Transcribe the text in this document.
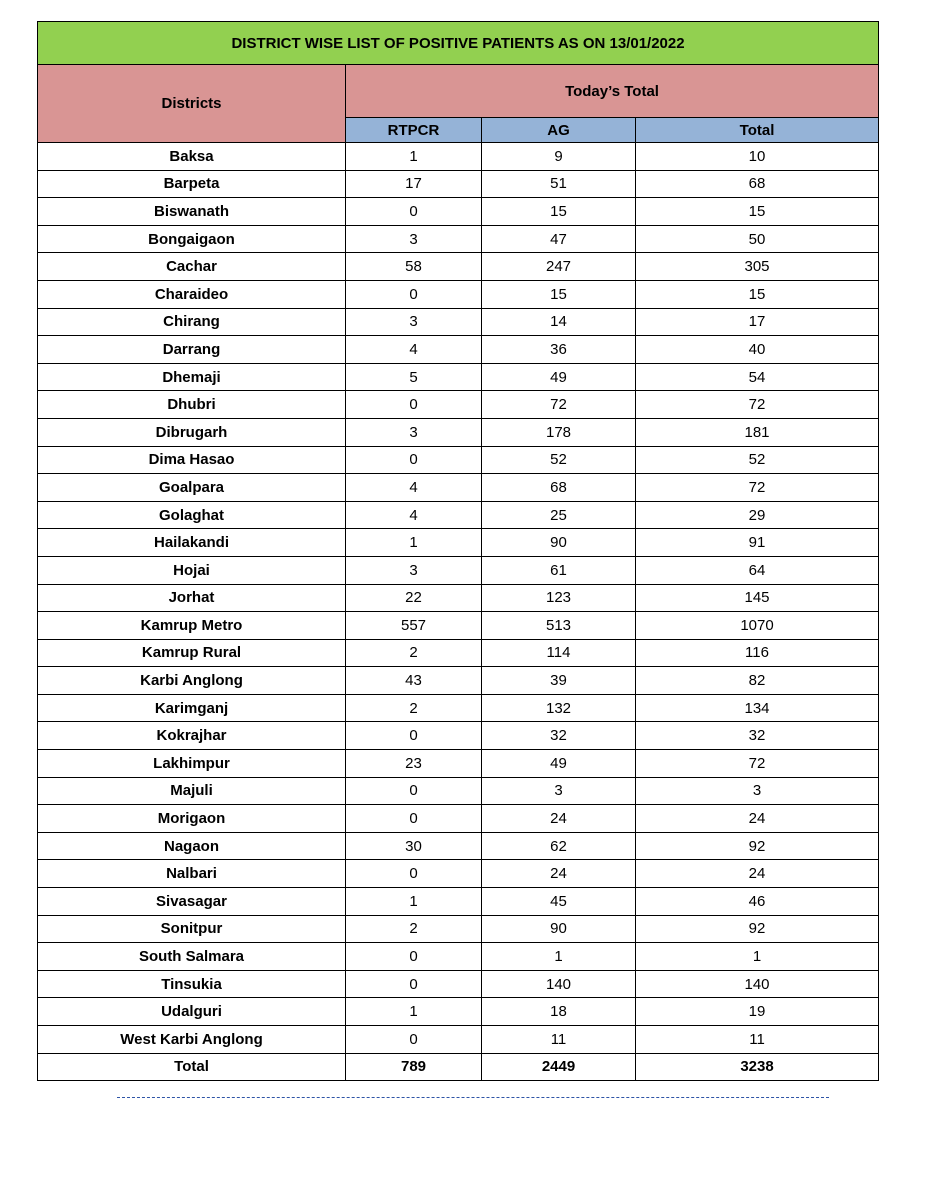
DISTRICT WISE LIST OF POSITIVE PATIENTS AS ON 13/01/2022			
Districts	Today’s Total		
	RTPCR	AG	Total
Baksa	1	9	10
Barpeta	17	51	68
Biswanath	0	15	15
Bongaigaon	3	47	50
Cachar	58	247	305
Charaideo	0	15	15
Chirang	3	14	17
Darrang	4	36	40
Dhemaji	5	49	54
Dhubri	0	72	72
Dibrugarh	3	178	181
Dima Hasao	0	52	52
Goalpara	4	68	72
Golaghat	4	25	29
Hailakandi	1	90	91
Hojai	3	61	64
Jorhat	22	123	145
Kamrup Metro	557	513	1070
Kamrup Rural	2	114	116
Karbi Anglong	43	39	82
Karimganj	2	132	134
Kokrajhar	0	32	32
Lakhimpur	23	49	72
Majuli	0	3	3
Morigaon	0	24	24
Nagaon	30	62	92
Nalbari	0	24	24
Sivasagar	1	45	46
Sonitpur	2	90	92
South Salmara	0	1	1
Tinsukia	0	140	140
Udalguri	1	18	19
West Karbi Anglong	0	11	11
Total	789	2449	3238
